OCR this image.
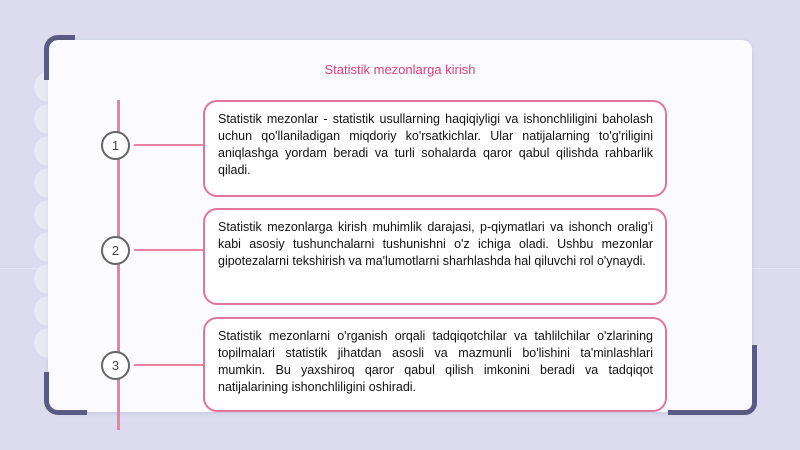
Statistik mezonlarga kirish
1
Statistik mezonlar - statistik usullarning haqiqiyligi va ishonchliligini baholash uchun qo'llaniladigan miqdoriy ko'rsatkichlar. Ular natijalarning to'g'riligini aniqlashga yordam beradi va turli sohalarda qaror qabul qilishda rahbarlik qiladi.
2
Statistik mezonlarga kirish muhimlik darajasi, p-qiymatlari va ishonch oralig'i kabi asosiy tushunchalarni tushunishni o'z ichiga oladi. Ushbu mezonlar gipotezalarni tekshirish va ma'lumotlarni sharhlashda hal qiluvchi rol o'ynaydi.
3
Statistik mezonlarni o'rganish orqali tadqiqotchilar va tahlilchilar o'zlarining topilmalari statistik jihatdan asosli va mazmunli bo'lishini ta'minlashlari mumkin. Bu yaxshiroq qaror qabul qilish imkonini beradi va tadqiqot natijalarining ishonchliligini oshiradi.
